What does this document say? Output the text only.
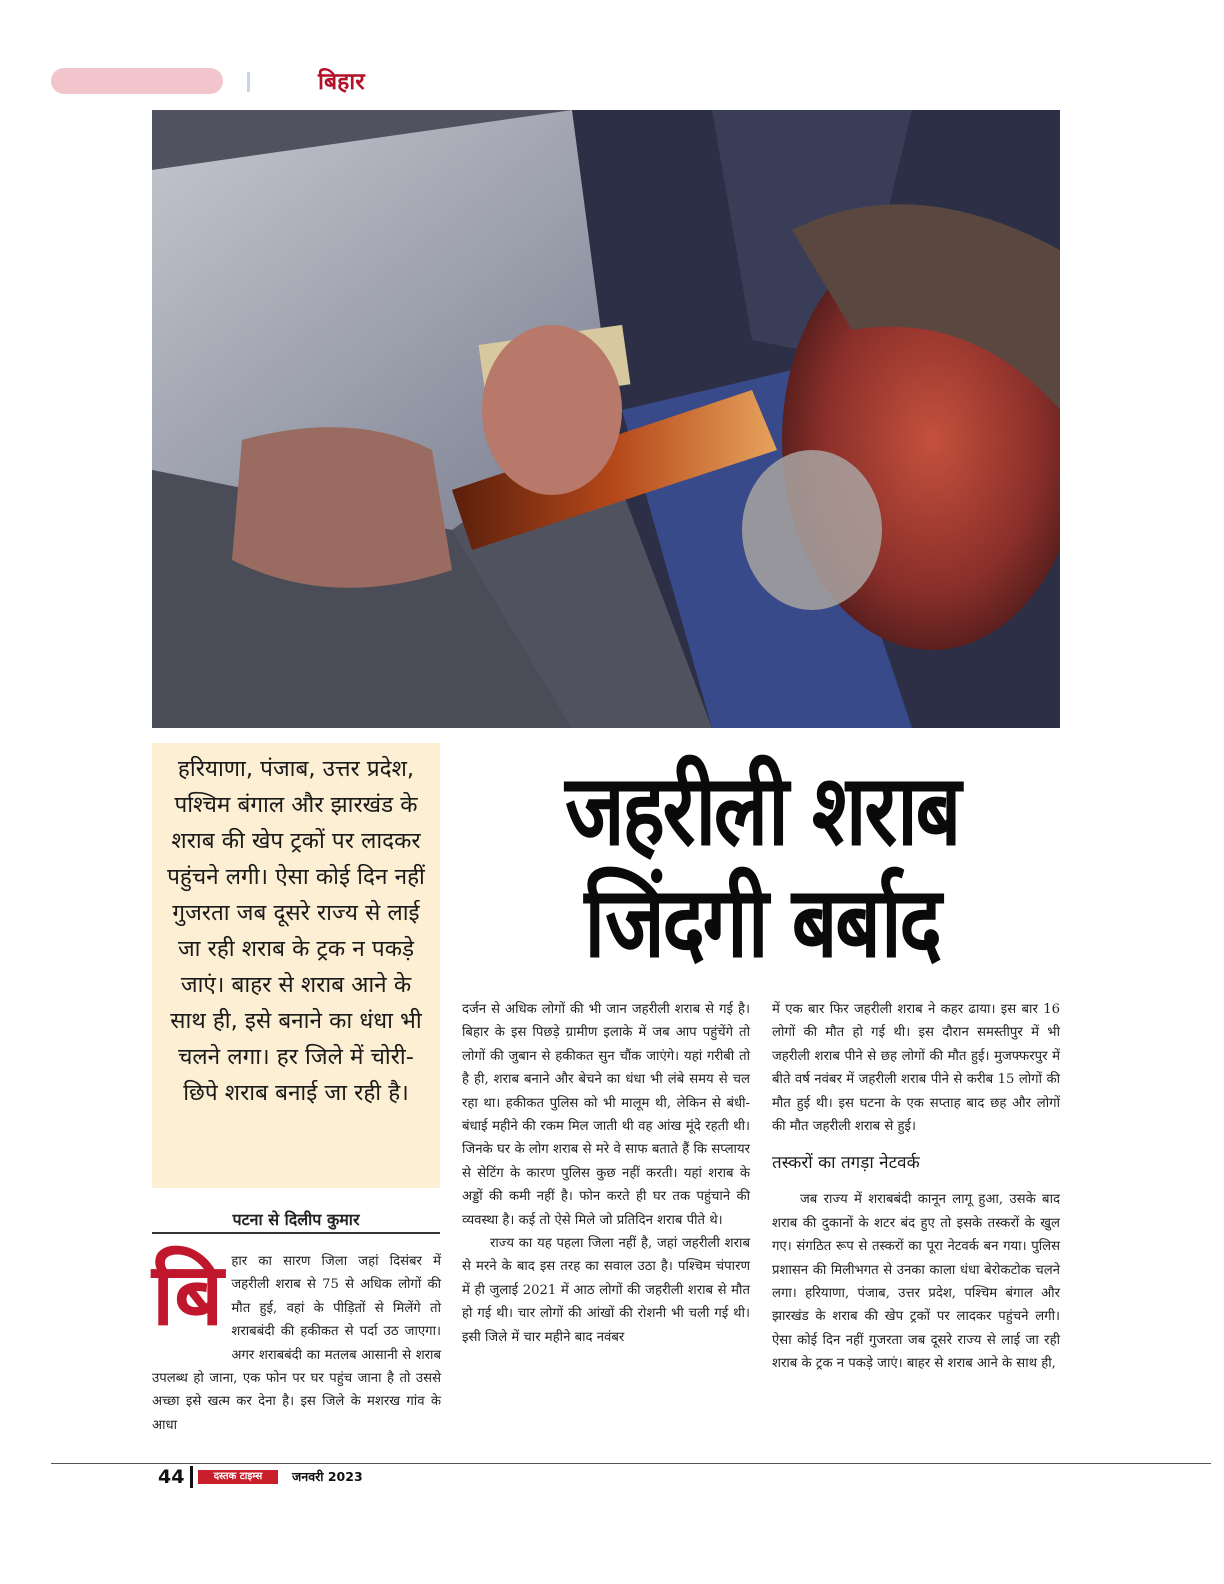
बिहार
हरियाणा, पंजाब, उत्तर प्रदेश, पश्चिम बंगाल और झारखंड के शराब की खेप ट्रकों पर लादकर पहुंचने लगी। ऐसा कोई दिन नहीं गुजरता जब दूसरे राज्य से लाई जा रही शराब के ट्रक न पकड़े जाएं। बाहर से शराब आने के साथ ही, इसे बनाने का धंधा भी चलने लगा। हर जिले में चोरी-छिपे शराब बनाई जा रही है।
जहरीली शराब
जिंदगी बर्बाद
पटना से दिलीप कुमार
बि हार का सारण जिला जहां दिसंबर में जहरीली शराब से 75 से अधिक लोगों की मौत हुई, वहां के पीड़ितों से मिलेंगे तो शराबबंदी की हकीकत से पर्दा उठ जाएगा। अगर शराबबंदी का मतलब आसानी से शराब उपलब्ध हो जाना, एक फोन पर घर पहुंच जाना है तो उससे अच्छा इसे खत्म कर देना है। इस जिले के मशरख गांव के आधा

दर्जन से अधिक लोगों की भी जान जहरीली शराब से गई है। बिहार के इस पिछड़े ग्रामीण इलाके में जब आप पहुंचेंगे तो लोगों की जुबान से हकीकत सुन चौंक जाएंगे। यहां गरीबी तो है ही, शराब बनाने और बेचने का धंधा भी लंबे समय से चल रहा था। हकीकत पुलिस को भी मालूम थी, लेकिन से बंधी-बंधाई महीने की रकम मिल जाती थी वह आंख मूंदे रहती थी। जिनके घर के लोग शराब से मरे वे साफ बताते हैं कि सप्लायर से सेटिंग के कारण पुलिस कुछ नहीं करती। यहां शराब के अड्डों की कमी नहीं है। फोन करते ही घर तक पहुंचाने की व्यवस्था है। कई तो ऐसे मिले जो प्रतिदिन शराब पीते थे।

राज्य का यह पहला जिला नहीं है, जहां जहरीली शराब से मरने के बाद इस तरह का सवाल उठा है। पश्चिम चंपारण में ही जुलाई 2021 में आठ लोगों की जहरीली शराब से मौत हो गई थी। चार लोगों की आंखों की रोशनी भी चली गई थी। इसी जिले में चार महीने बाद नवंबर

में एक बार फिर जहरीली शराब ने कहर ढाया। इस बार 16 लोगों की मौत हो गई थी। इस दौरान समस्तीपुर में भी जहरीली शराब पीने से छह लोगों की मौत हुई। मुजफ्फरपुर में बीते वर्ष नवंबर में जहरीली शराब पीने से करीब 15 लोगों की मौत हुई थी। इस घटना के एक सप्ताह बाद छह और लोगों की मौत जहरीली शराब से हुई।

तस्करों का तगड़ा नेटवर्क

जब राज्य में शराबबंदी कानून लागू हुआ, उसके बाद शराब की दुकानों के शटर बंद हुए तो इसके तस्करों के खुल गए। संगठित रूप से तस्करों का पूरा नेटवर्क बन गया। पुलिस प्रशासन की मिलीभगत से उनका काला धंधा बेरोकटोक चलने लगा। हरियाणा, पंजाब, उत्तर प्रदेश, पश्चिम बंगाल और झारखंड के शराब की खेप ट्रकों पर लादकर पहुंचने लगी। ऐसा कोई दिन नहीं गुजरता जब दूसरे राज्य से लाई जा रही शराब के ट्रक न पकड़े जाएं। बाहर से शराब आने के साथ ही,

44	दस्तक टाइम्स	जनवरी 2023
